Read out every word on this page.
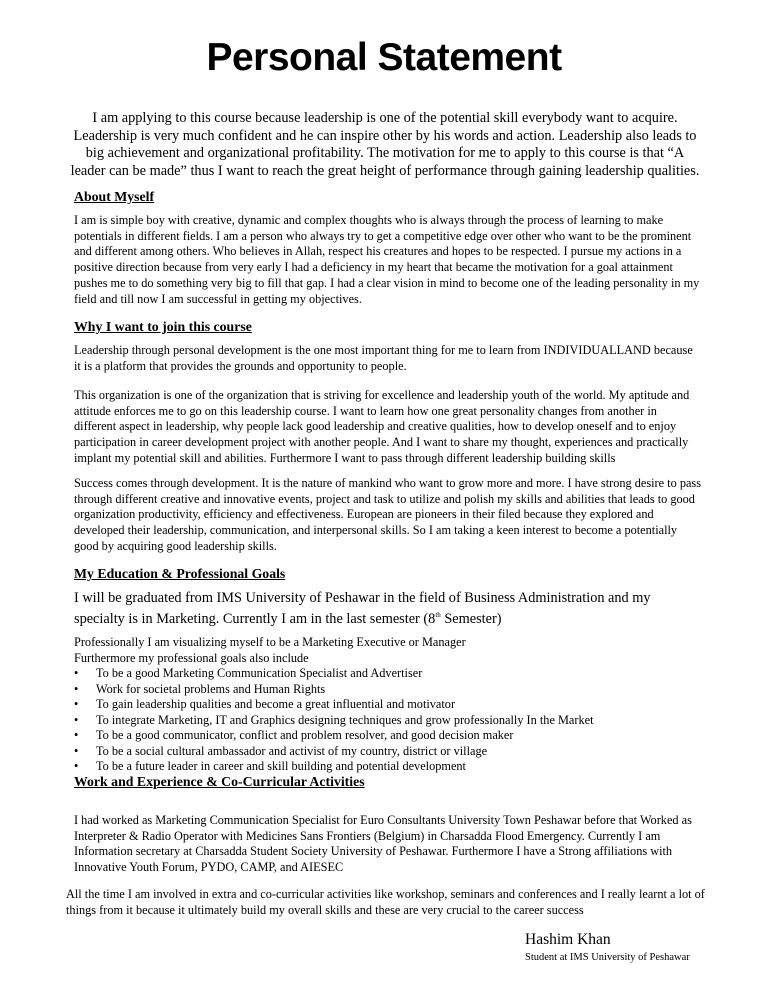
Personal Statement
I am applying to this course because leadership is one of the potential skill everybody want to acquire. Leadership is very much confident and he can inspire other by his words and action. Leadership also leads to big achievement and organizational profitability. The motivation for me to apply to this course is that “A leader can be made” thus I want to reach the great height of performance through gaining leadership qualities.
About Myself
I am is simple boy with creative, dynamic and complex thoughts who is always through the process of learning to make potentials in different fields. I am a person who always try to get a competitive edge over other who want to be the prominent and different among others. Who believes in Allah, respect his creatures and hopes to be respected. I pursue my actions in a positive direction because from very early I had a deficiency in my heart that became the motivation for a goal attainment pushes me to do something very big to fill that gap. I had a clear vision in mind to become one of the leading personality in my field and till now I am successful in getting my objectives.
Why I want to join this course
Leadership through personal development is the one most important thing for me to learn from INDIVIDUALLAND because it is a platform that provides the grounds and opportunity to people.
This organization is one of the organization that is striving for excellence and leadership youth of the world. My aptitude and attitude enforces me to go on this leadership course. I want to learn how one great personality changes from another in different aspect in leadership, why people lack good leadership and creative qualities, how to develop oneself and to enjoy participation in career development project with another people. And I want to share my thought, experiences and practically implant my potential skill and abilities. Furthermore I want to pass through different leadership building skills
Success comes through development. It is the nature of mankind who want to grow more and more. I have strong desire to pass through different creative and innovative events, project and task to utilize and polish my skills and abilities that leads to good organization productivity, efficiency and effectiveness. European are pioneers in their filed because they explored and developed their leadership, communication, and interpersonal skills. So I am taking a keen interest to become a potentially good by acquiring good leadership skills.
My Education & Professional Goals
I will be graduated from IMS University of Peshawar in the field of Business Administration and my specialty is in Marketing. Currently I am in the last semester (8th Semester)
Professionally I am visualizing myself to be a Marketing Executive or Manager
Furthermore my professional goals also include
• To be a good Marketing Communication Specialist and Advertiser
• Work for societal problems and Human Rights
• To gain leadership qualities and become a great influential and motivator
• To integrate Marketing, IT and Graphics designing techniques and grow professionally In the Market
• To be a good communicator, conflict and problem resolver, and good decision maker
• To be a social cultural ambassador and activist of my country, district or village
• To be a future leader in career and skill building and potential development
Work and Experience & Co-Curricular Activities
I had worked as Marketing Communication Specialist for Euro Consultants University Town Peshawar before that Worked as Interpreter & Radio Operator with Medicines Sans Frontiers (Belgium) in Charsadda Flood Emergency. Currently I am Information secretary at Charsadda Student Society University of Peshawar. Furthermore I have a Strong affiliations with Innovative Youth Forum, PYDO, CAMP, and AIESEC
All the time I am involved in extra and co-curricular activities like workshop, seminars and conferences and I really learnt a lot of things from it because it ultimately build my overall skills and these are very crucial to the career success
Hashim Khan
Student at IMS University of Peshawar
